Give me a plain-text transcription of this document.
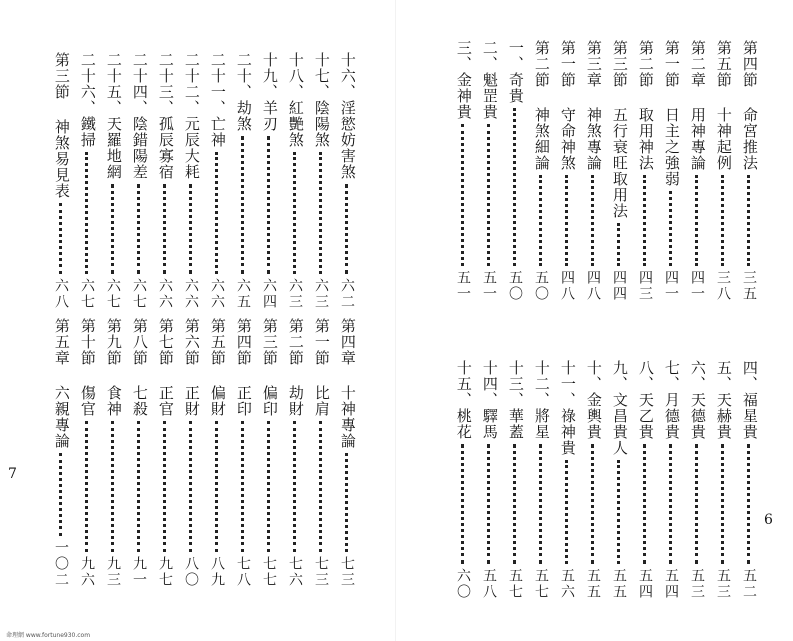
十六、淫慾妨害煞
六二
十七、陰陽煞
六三
十八、紅艷煞
六三
十九、羊刃
六四
二十、劫煞
六五
二十一、亡神
六六
二十二、元辰大耗
六六
二十三、孤辰寡宿
六六
二十四、陰錯陽差
六七
二十五、天羅地網
六七
二十六、鐵掃
六七
第三節 神煞易見表
六八
第四章 十神專論
七三
第一節 比肩
七三
第二節 劫財
七六
第三節 偏印
七七
第四節 正印
七八
第五節 偏財
八九
第六節 正財
八〇
第七節 正官
九七
第八節 七殺
九一
第九節 食神
九三
第十節 傷官
九六
第五章 六親專論
一〇二
第四節 命宮推法
三五
第五節 十神起例
三八
第二章 用神專論
四一
第一節 日主之強弱
四一
第二節 取用神法
四三
第三節 五行衰旺取用法
四四
第三章 神煞專論
四八
第一節 守命神煞
四八
第二節 神煞細論
五〇
一、奇貴
五〇
二、魁罡貴
五一
三、金神貴
五一
四、福星貴
五二
五、天赫貴
五三
六、天德貴
五三
七、月德貴
五四
八、天乙貴
五四
九、文昌貴人
五五
十、金輿貴
五五
十一、祿神貴
五六
十二、將星
五七
十三、華蓋
五七
十四、驛馬
五八
十五、桃花
六〇
7
6
命理網 www.fortune930.com
